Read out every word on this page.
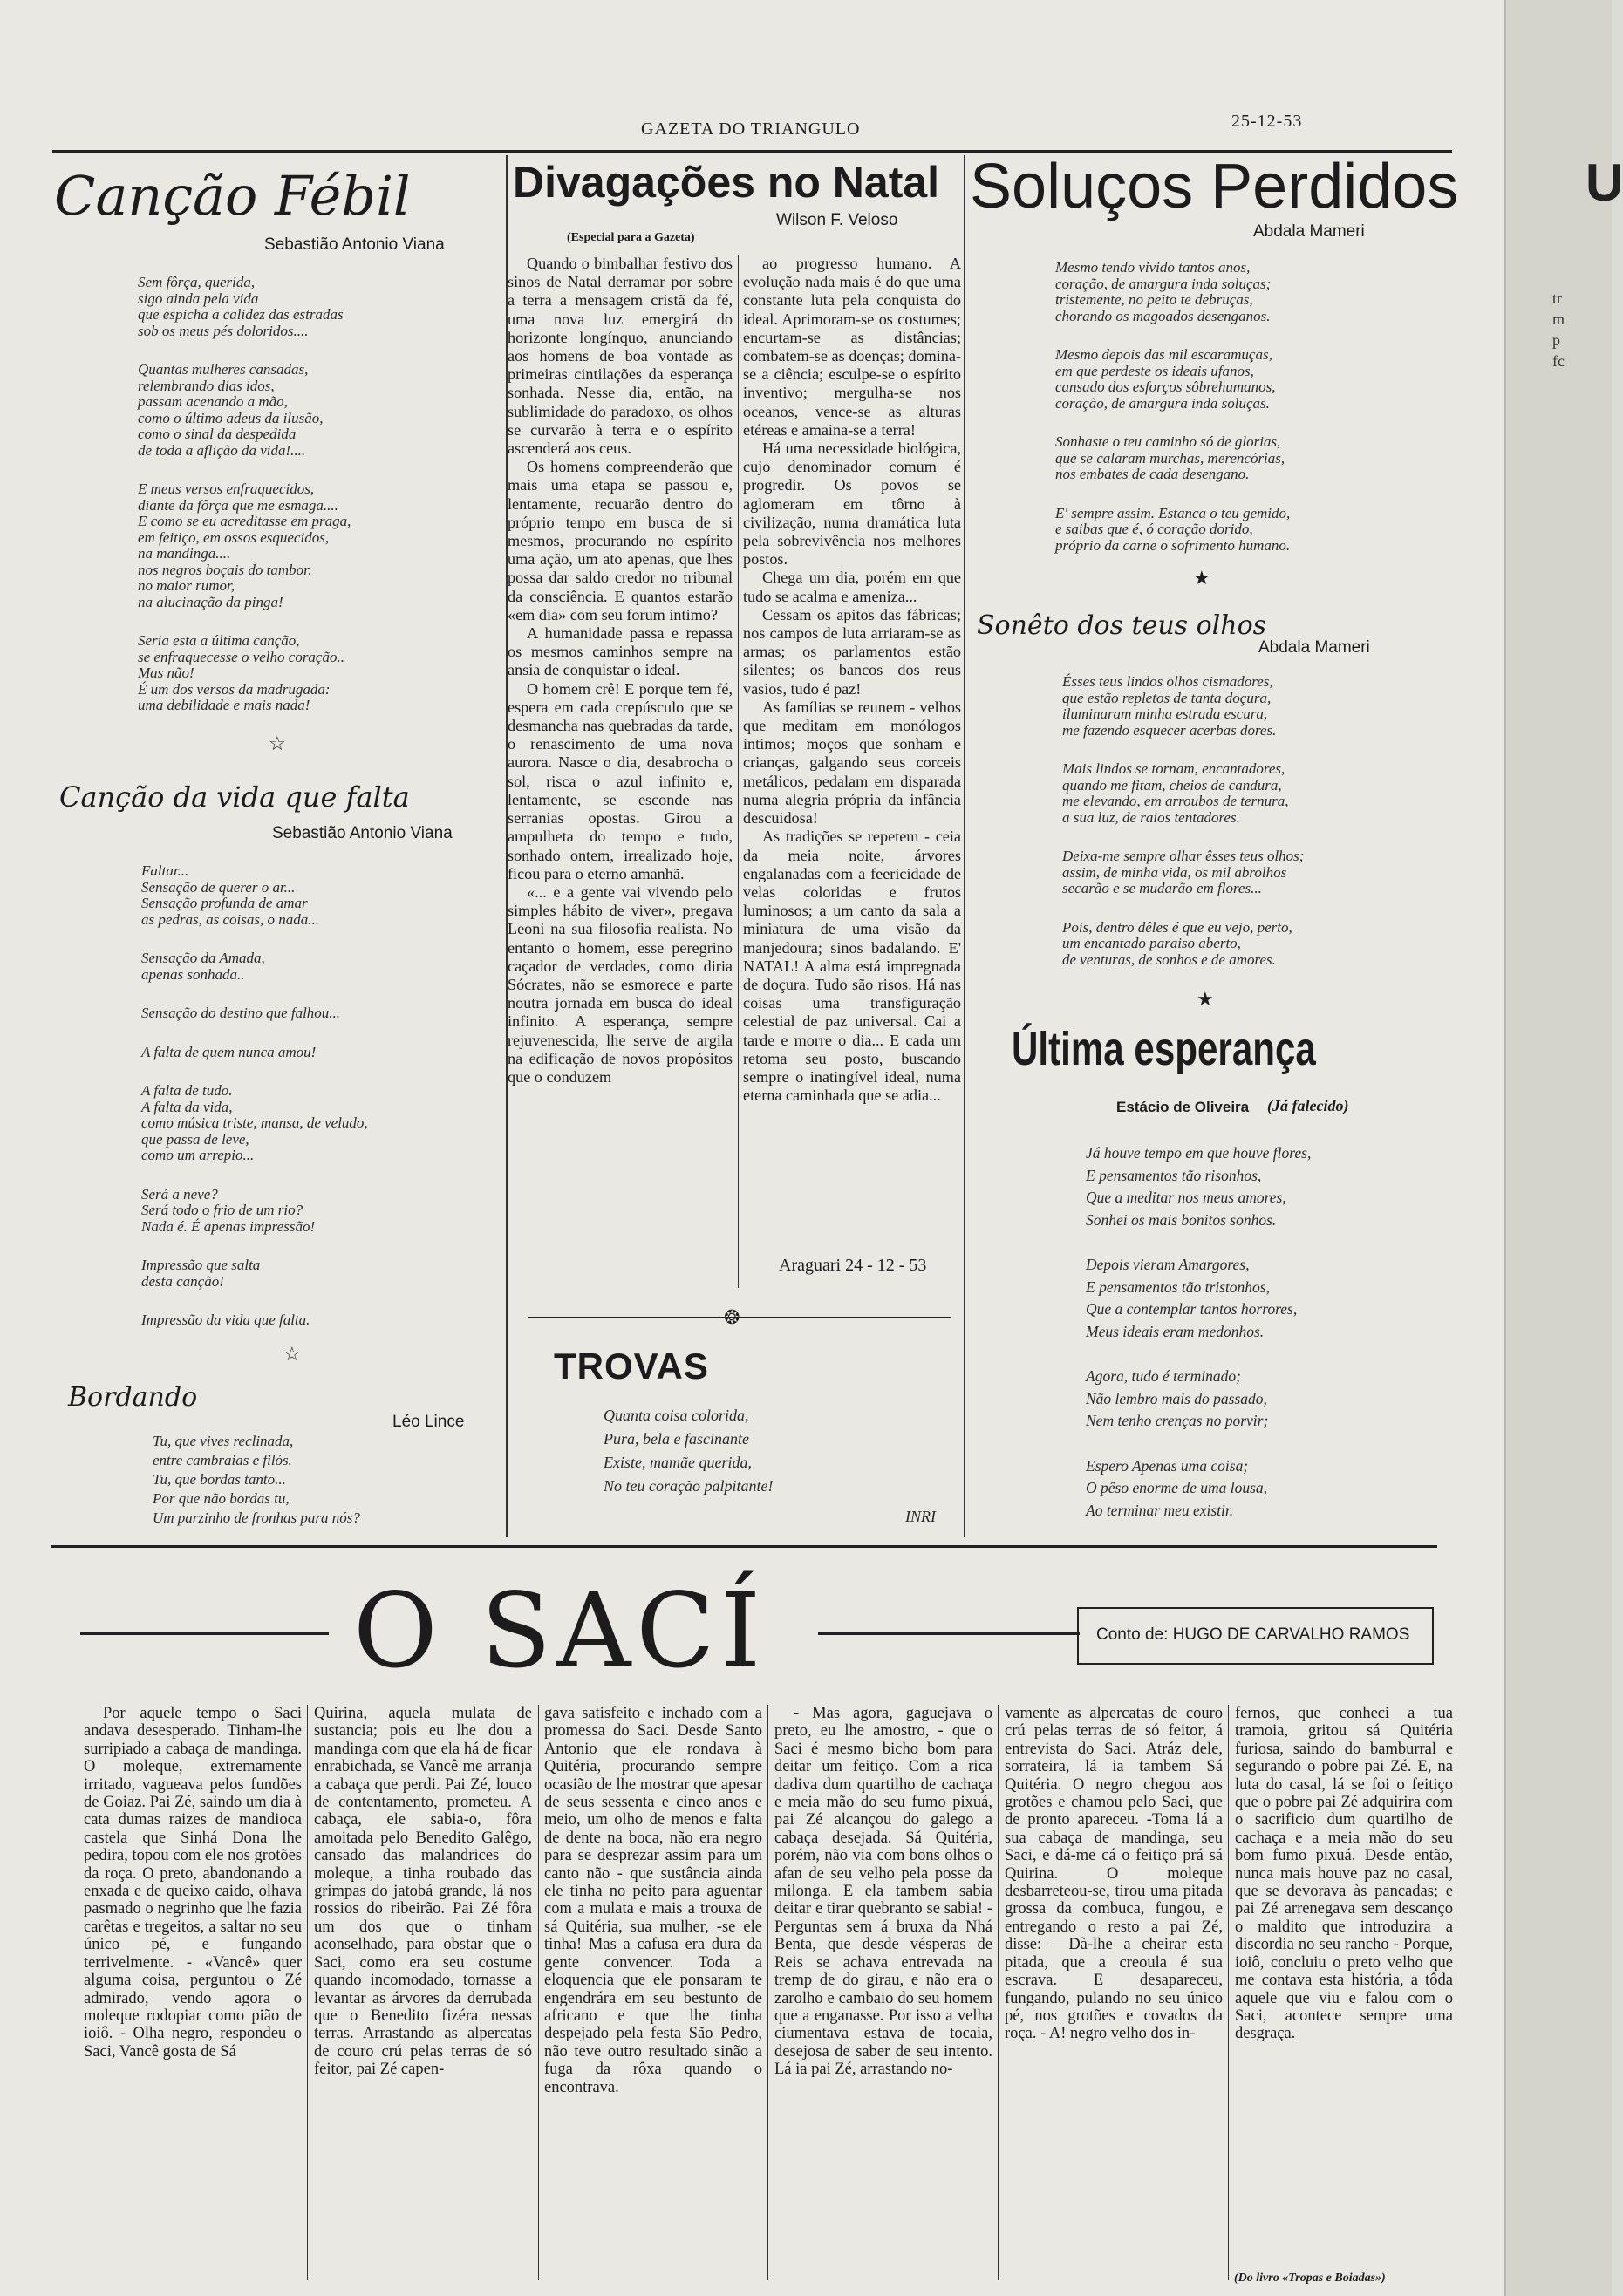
U
tr
m
p
fc
GAZETA DO TRIANGULO	25-12-53
Canção Fébil
Sebastião Antonio Viana
Sem fôrça, querida,
sigo ainda pela vida
que espicha a calidez das estradas
sob os meus pés doloridos....
Quantas mulheres cansadas,
relembrando dias idos,
passam acenando a mão,
como o último adeus da ilusão,
como o sinal da despedida
de toda a aflição da vida!....
E meus versos enfraquecidos,
diante da fôrça que me esmaga....
E como se eu acreditasse em praga,
em feitiço, em ossos esquecidos,
na mandinga....
nos negros boçais do tambor,
no maior rumor,
na alucinação da pinga!
Seria esta a última canção,
se enfraquecesse o velho coração..
Mas não!
É um dos versos da madrugada:
uma debilidade e mais nada!
☆
Canção da vida que falta
Sebastião Antonio Viana
Faltar...
Sensação de querer o ar...
Sensação profunda de amar
as pedras, as coisas, o nada...
Sensação da Amada,
apenas sonhada..
Sensação do destino que falhou...
A falta de quem nunca amou!
A falta de tudo.
A falta da vida,
como música triste, mansa, de veludo,
que passa de leve,
como um arrepio...
Será a neve?
Será todo o frio de um rio?
Nada é. É apenas impressão!
Impressão que salta
desta canção!
Impressão da vida que falta.
☆
Bordando
Léo Lince
Tu, que vives reclinada,
entre cambraias e filós.
Tu, que bordas tanto...
Por que não bordas tu,
Um parzinho de fronhas para nós?
Divagações no Natal
Wilson F. Veloso
(Especial para a Gazeta)

Quando o bimbalhar festivo dos sinos de Natal derramar por sobre a terra a mensagem cristã da fé, uma nova luz emergirá do horizonte longínquo, anunciando aos homens de boa vontade as primeiras cintilações da esperança sonhada. Nesse dia, então, na sublimidade do paradoxo, os olhos se curvarão à terra e o espírito ascenderá aos ceus.

Os homens compreenderão que mais uma etapa se passou e, lentamente, recuarão dentro do próprio tempo em busca de si mesmos, procurando no espírito uma ação, um ato apenas, que lhes possa dar saldo credor no tribunal da consciência. E quantos estarão «em dia» com seu forum intimo?

A humanidade passa e repassa os mesmos caminhos sempre na ansia de conquistar o ideal.

O homem crê! E porque tem fé, espera em cada crepúsculo que se desmancha nas quebradas da tarde, o renascimento de uma nova aurora. Nasce o dia, desabrocha o sol, risca o azul infinito e, lentamente, se esconde nas serranias opostas. Girou a ampulheta do tempo e tudo, sonhado ontem, irrealizado hoje, ficou para o eterno amanhã.

«... e a gente vai vivendo pelo simples hábito de viver», pregava Leoni na sua filosofia realista. No entanto o homem, esse peregrino caçador de verdades, como diria Sócrates, não se esmorece e parte noutra jornada em busca do ideal infinito. A esperança, sempre rejuvenescida, lhe serve de argila na edificação de novos propósitos que o conduzem

ao progresso humano. A evolução nada mais é do que uma constante luta pela conquista do ideal. Aprimoram-se os costumes; encurtam-se as distâncias; combatem-se as doenças; domina-se a ciência; esculpe-se o espírito inventivo; mergulha-se nos oceanos, vence-se as alturas etéreas e amaina-se a terra!

Há uma necessidade biológica, cujo denominador comum é progredir. Os povos se aglomeram em tôrno à civilização, numa dramática luta pela sobrevivência nos melhores postos.

Chega um dia, porém em que tudo se acalma e ameniza...

Cessam os apitos das fábricas; nos campos de luta arriaram-se as armas; os parlamentos estão silentes; os bancos dos reus vasios, tudo é paz!

As famílias se reunem - velhos que meditam em monólogos intimos; moços que sonham e crianças, galgando seus corceis metálicos, pedalam em disparada numa alegria própria da infância descuidosa!

As tradições se repetem - ceia da meia noite, árvores engalanadas com a feericidade de velas coloridas e frutos luminosos; a um canto da sala a miniatura de uma visão da manjedoura; sinos badalando. E' NATAL! A alma está impregnada de doçura. Tudo são risos. Há nas coisas uma transfiguração celestial de paz universal. Cai a tarde e morre o dia... E cada um retoma seu posto, buscando sempre o inatingível ideal, numa eterna caminhada que se adia...

Araguari 24 - 12 - 53
❂
TROVAS
Quanta coisa colorida,
Pura, bela e fascinante
Existe, mamãe querida,
No teu coração palpitante!
INRI
Soluços Perdidos
Abdala Mameri
Mesmo tendo vivido tantos anos,
coração, de amargura inda soluças;
tristemente, no peito te debruças,
chorando os magoados desenganos.
Mesmo depois das mil escaramuças,
em que perdeste os ideais ufanos,
cansado dos esforços sôbrehumanos,
coração, de amargura inda soluças.
Sonhaste o teu caminho só de glorias,
que se calaram murchas, merencórias,
nos embates de cada desengano.
E' sempre assim. Estanca o teu gemido,
e saibas que é, ó coração dorido,
próprio da carne o sofrimento humano.
★
Sonêto dos teus olhos
Abdala Mameri
Ésses teus lindos olhos cismadores,
que estão repletos de tanta doçura,
iluminaram minha estrada escura,
me fazendo esquecer acerbas dores.
Mais lindos se tornam, encantadores,
quando me fitam, cheios de candura,
me elevando, em arroubos de ternura,
a sua luz, de raios tentadores.
Deixa-me sempre olhar êsses teus olhos;
assim, de minha vida, os mil abrolhos
secarão e se mudarão em flores...
Pois, dentro dêles é que eu vejo, perto,
um encantado paraiso aberto,
de venturas, de sonhos e de amores.
★
Última esperança
Estácio de Oliveira (Já falecido)
Já houve tempo em que houve flores,
E pensamentos tão risonhos,
Que a meditar nos meus amores,
Sonhei os mais bonitos sonhos.
Depois vieram Amargores,
E pensamentos tão tristonhos,
Que a contemplar tantos horrores,
Meus ideais eram medonhos.
Agora, tudo é terminado;
Não lembro mais do passado,
Nem tenho crenças no porvir;
Espero Apenas uma coisa;
O pêso enorme de uma lousa,
Ao terminar meu existir.
O SACÍ	Conto de: HUGO DE CARVALHO RAMOS

Por aquele tempo o Saci andava desesperado. Tinham-lhe surripiado a cabaça de mandinga. O moleque, extremamente irritado, vagueava pelos fundões de Goiaz. Pai Zé, saindo um dia à cata dumas raizes de mandioca castela que Sinhá Dona lhe pedira, topou com ele nos grotões da roça. O preto, abandonando a enxada e de queixo caido, olhava pasmado o negrinho que lhe fazia carêtas e tregeitos, a saltar no seu único pé, e fungando terrivelmente. - «Vancê» quer alguma coisa, perguntou o Zé admirado, vendo agora o moleque rodopiar como pião de ioiô. - Olha negro, respondeu o Saci, Vancê gosta de Sá

Quirina, aquela mulata de sustancia; pois eu lhe dou a mandinga com que ela há de ficar enrabichada, se Vancê me arranja a cabaça que perdi. Pai Zé, louco de contentamento, prometeu. A cabaça, ele sabia-o, fôra amoitada pelo Benedito Galêgo, cansado das malandrices do moleque, a tinha roubado das grimpas do jatobá grande, lá nos rossios do ribeirão. Pai Zé fôra um dos que o tinham aconselhado, para obstar que o Saci, como era seu costume quando incomodado, tornasse a levantar as árvores da derrubada que o Benedito fizéra nessas terras. Arrastando as alpercatas de couro crú pelas terras de só feitor, pai Zé capen-

gava satisfeito e inchado com a promessa do Saci. Desde Santo Antonio que ele rondava à Quitéria, procurando sempre ocasião de lhe mostrar que apesar de seus sessenta e cinco anos e meio, um olho de menos e falta de dente na boca, não era negro para se desprezar assim para um canto não - que sustância ainda ele tinha no peito para aguentar com a mulata e mais a trouxa de sá Quitéria, sua mulher, -se ele tinha! Mas a cafusa era dura da gente convencer. Toda a eloquencia que ele ponsaram te engendrára em seu bestunto de africano e que lhe tinha despejado pela festa São Pedro, não teve outro resultado sinão a fuga da rôxa quando o encontrava.

- Mas agora, gaguejava o preto, eu lhe amostro, - que o Saci é mesmo bicho bom para deitar um feitiço. Com a rica dadiva dum quartilho de cachaça e meia mão do seu fumo pixuá, pai Zé alcançou do galego a cabaça desejada. Sá Quitéria, porém, não via com bons olhos o afan de seu velho pela posse da milonga. E ela tambem sabia deitar e tirar quebranto se sabia! -Perguntas sem á bruxa da Nhá Benta, que desde vésperas de Reis se achava entrevada na tremp de do girau, e não era o zarolho e cambaio do seu homem que a enganasse. Por isso a velha ciumentava estava de tocaia, desejosa de saber de seu intento. Lá ia pai Zé, arrastando no-

vamente as alpercatas de couro crú pelas terras de só feitor, á entrevista do Saci. Atráz dele, sorrateira, lá ia tambem Sá Quitéria. O negro chegou aos grotões e chamou pelo Saci, que de pronto apareceu. -Toma lá a sua cabaça de mandinga, seu Saci, e dá-me cá o feitiço prá sá Quirina. O moleque desbarreteou-se, tirou uma pitada grossa da combuca, fungou, e entregando o resto a pai Zé, disse: —Dà-lhe a cheirar esta pitada, que a creoula é sua escrava. E desapareceu, fungando, pulando no seu único pé, nos grotões e covados da roça. - A! negro velho dos in-

fernos, que conheci a tua tramoia, gritou sá Quitéria furiosa, saindo do bamburral e segurando o pobre pai Zé. E, na luta do casal, lá se foi o feitiço que o pobre pai Zé adquirira com o sacrificio dum quartilho de cachaça e a meia mão do seu bom fumo pixuá. Desde então, nunca mais houve paz no casal, que se devorava às pancadas; e pai Zé arrenegava sem descanço o maldito que introduzira a discordia no seu rancho - Porque, ioiô, concluiu o preto velho que me contava esta história, a tôda aquele que viu e falou com o Saci, acontece sempre uma desgraça.

(Do livro «Tropas e Boiadas»)
